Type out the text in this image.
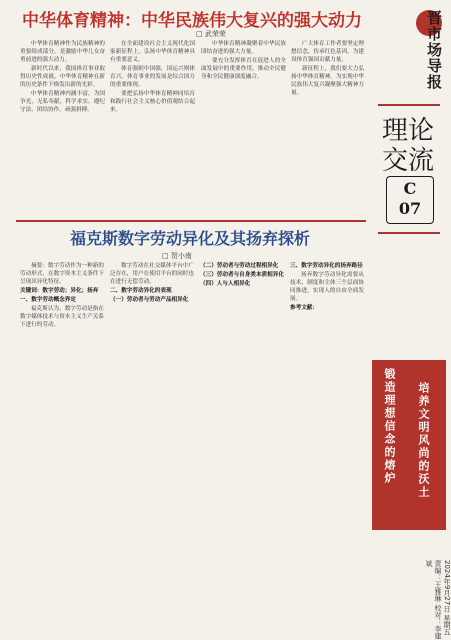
中华体育精神：中华民族伟大复兴的强大动力
□ 武荣荣

中华体育精神作为民族精神的重要组成部分，是激励中华儿女奋勇前进的强大动力。

新时代以来，我国体育事业取得历史性成就，中华体育精神在新的历史条件下焕发出新的光彩。

中华体育精神内涵丰富，为国争光、无私奉献、科学求实、遵纪守法、团结协作、顽强拼搏。

在全面建设社会主义现代化国家新征程上，弘扬中华体育精神具有重要意义。

体育强则中国强，国运兴则体育兴。体育事业的发展是综合国力的重要体现。

要把弘扬中华体育精神同培育和践行社会主义核心价值观结合起来。

中华体育精神凝聚着中华民族团结奋进的强大力量。

要充分发挥体育在促进人的全面发展中的重要作用，推动全民健身和全民健康深度融合。

广大体育工作者要坚定理想信念，传承红色基因，为建设体育强国贡献力量。

新征程上，我们要大力弘扬中华体育精神，为实现中华民族伟大复兴凝聚强大精神力量。

福克斯数字劳动异化及其扬弃探析
□ 贺小南

摘要：数字劳动作为一种新的劳动形式，在数字资本主义条件下呈现出异化特征。

关键词：数字劳动；异化；扬弃

一、数字劳动概念界定

福克斯认为，数字劳动是指在数字媒体技术与资本主义生产关系下进行的劳动。

数字劳动在社交媒体平台中广泛存在，用户在使用平台的同时也在进行无偿劳动。

二、数字劳动异化的表现

（一）劳动者与劳动产品相异化

（二）劳动者与劳动过程相异化

（三）劳动者与自身类本质相异化

（四）人与人相异化

三、数字劳动异化的扬弃路径

扬弃数字劳动异化需要从技术、制度和主体三个层面协同推进，实现人的自由全面发展。

参考文献：

晋市场导报
理论交流
C
07
锻造理想信念的熔炉 培养文明风尚的沃土
2024年9月27日 星期五 责编：王雅琳 校对：李建斌
